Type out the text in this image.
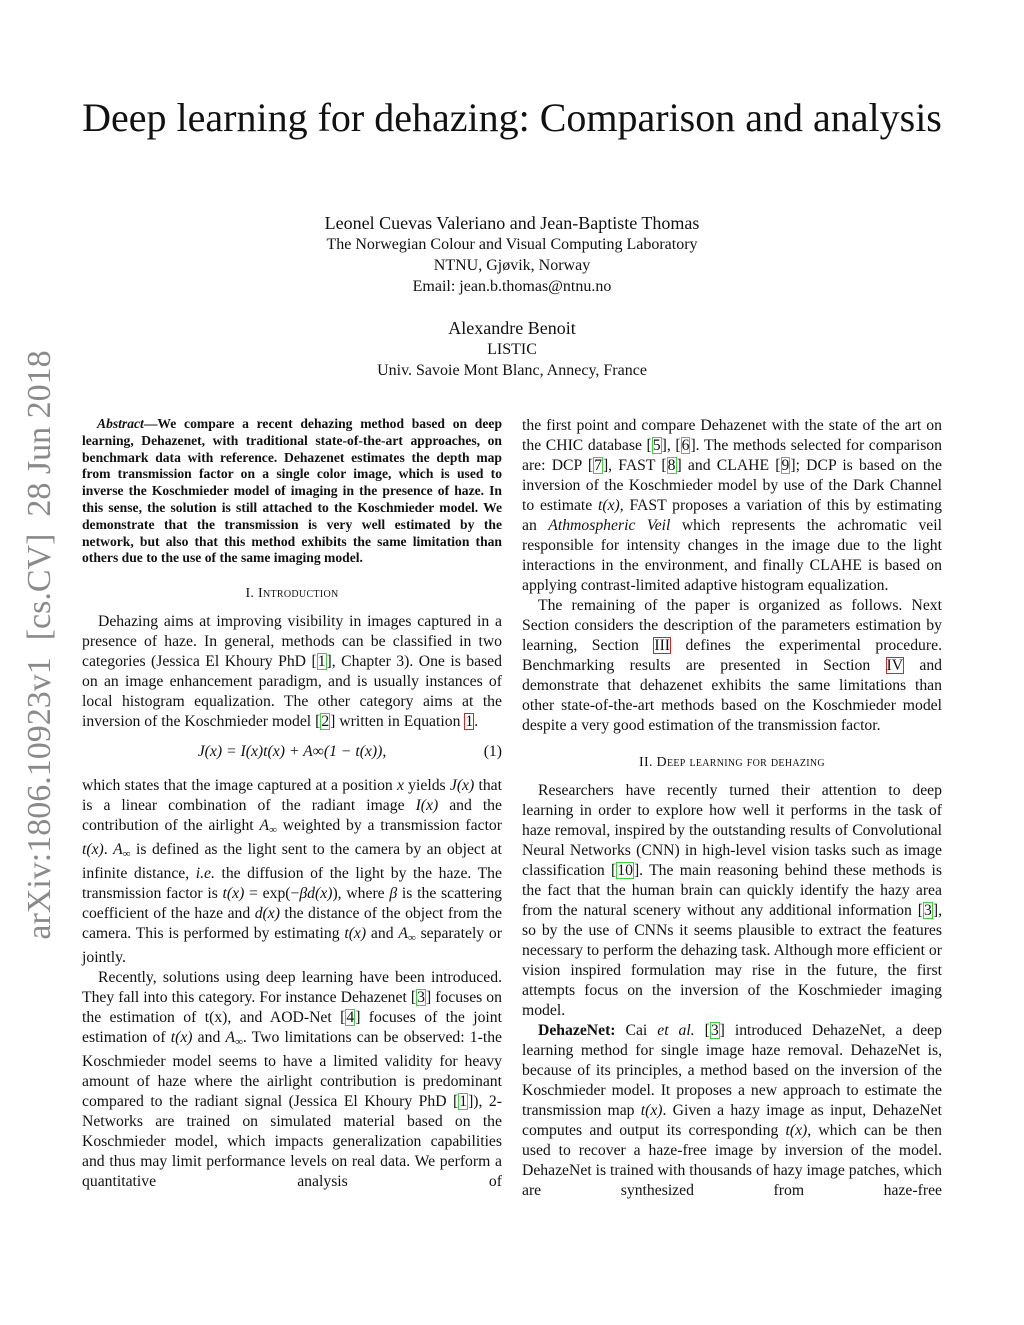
Deep learning for dehazing: Comparison and analysis
Leonel Cuevas Valeriano and Jean-Baptiste Thomas
The Norwegian Colour and Visual Computing Laboratory
NTNU, Gjøvik, Norway
Email: jean.b.thomas@ntnu.no
Alexandre Benoit
LISTIC
Univ. Savoie Mont Blanc, Annecy, France
arXiv:1806.10923v1  [cs.CV]  28 Jun 2018	Abstract—We compare a recent dehazing method based on deep learning, Dehazenet, with traditional state-of-the-art approaches, on benchmark data with reference. Dehazenet estimates the depth map from transmission factor on a single color image, which is used to inverse the Koschmieder model of imaging in the presence of haze. In this sense, the solution is still attached to the Koschmieder model. We demonstrate that the transmission is very well estimated by the network, but also that this method exhibits the same limitation than others due to the use of the same imaging model.

I. Introduction

Dehazing aims at improving visibility in images captured in a presence of haze. In general, methods can be classified in two categories (Jessica El Khoury PhD [1], Chapter 3). One is based on an image enhancement paradigm, and is usually instances of local histogram equalization. The other category aims at the inversion of the Koschmieder model [2] written in Equation 1.

J(x) = I(x)t(x) + A∞(1 − t(x)),	(1)

which states that the image captured at a position x yields J(x) that is a linear combination of the radiant image I(x) and the contribution of the airlight $A_\infty$ weighted by a transmission factor t(x). $A_\infty$ is defined as the light sent to the camera by an object at infinite distance, i.e. the diffusion of the light by the haze. The transmission factor is t(x) = exp(−βd(x)), where β is the scattering coefficient of the haze and d(x) the distance of the object from the camera. This is performed by estimating t(x) and $A_\infty$ separately or jointly.

Recently, solutions using deep learning have been introduced. They fall into this category. For instance Dehazenet [3] focuses on the estimation of t(x), and AOD-Net [4] focuses of the joint estimation of t(x) and $A_\infty$. Two limitations can be observed: 1-the Koschmieder model seems to have a limited validity for heavy amount of haze where the airlight contribution is predominant compared to the radiant signal (Jessica El Khoury PhD [1]), 2-Networks are trained on simulated material based on the Koschmieder model, which impacts generalization capabilities and thus may limit performance levels on real data. We perform a quantitative analysis of

the first point and compare Dehazenet with the state of the art on the CHIC database [5], [6]. The methods selected for comparison are: DCP [7], FAST [8] and CLAHE [9]; DCP is based on the inversion of the Koschmieder model by use of the Dark Channel to estimate t(x), FAST proposes a variation of this by estimating an Athmospheric Veil which represents the achromatic veil responsible for intensity changes in the image due to the light interactions in the environment, and finally CLAHE is based on applying contrast-limited adaptive histogram equalization.

The remaining of the paper is organized as follows. Next Section considers the description of the parameters estimation by learning, Section III defines the experimental procedure. Benchmarking results are presented in Section IV and demonstrate that dehazenet exhibits the same limitations than other state-of-the-art methods based on the Koschmieder model despite a very good estimation of the transmission factor.

II. Deep learning for dehazing

Researchers have recently turned their attention to deep learning in order to explore how well it performs in the task of haze removal, inspired by the outstanding results of Convolutional Neural Networks (CNN) in high-level vision tasks such as image classification [10]. The main reasoning behind these methods is the fact that the human brain can quickly identify the hazy area from the natural scenery without any additional information [3], so by the use of CNNs it seems plausible to extract the features necessary to perform the dehazing task. Although more efficient or vision inspired formulation may rise in the future, the first attempts focus on the inversion of the Koschmieder imaging model.

DehazeNet: Cai et al. [3] introduced DehazeNet, a deep learning method for single image haze removal. DehazeNet is, because of its principles, a method based on the inversion of the Koschmieder model. It proposes a new approach to estimate the transmission map t(x). Given a hazy image as input, DehazeNet computes and output its corresponding t(x), which can be then used to recover a haze-free image by inversion of the model. DehazeNet is trained with thousands of hazy image patches, which are synthesized from haze-free
